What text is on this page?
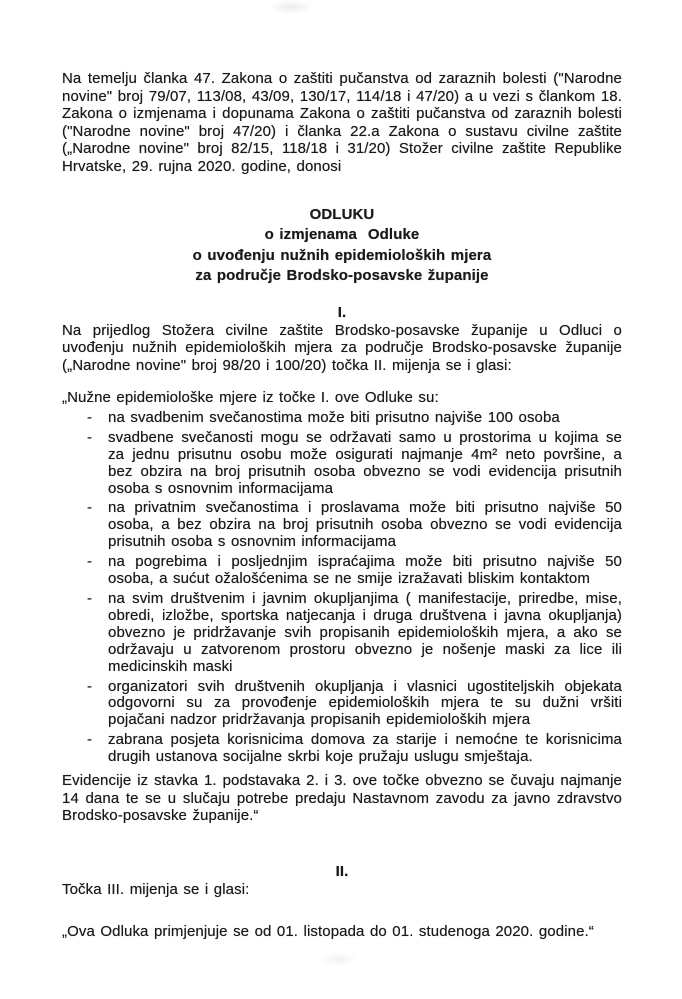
Na temelju članka 47. Zakona o zaštiti pučanstva od zaraznih bolesti ("Narodne novine" broj 79/07, 113/08, 43/09, 130/17, 114/18 i 47/20) a u vezi s člankom 18. Zakona o izmjenama i dopunama Zakona o zaštiti pučanstva od zaraznih bolesti ("Narodne novine" broj 47/20) i članka 22.a Zakona o sustavu civilne zaštite („Narodne novine" broj 82/15, 118/18 i 31/20) Stožer civilne zaštite Republike Hrvatske, 29. rujna 2020. godine, donosi

ODLUKU
o izmjenama  Odluke
o uvođenju nužnih epidemioloških mjera
za područje Brodsko-posavske županije
I.

Na prijedlog Stožera civilne zaštite Brodsko-posavske županije u Odluci o uvođenju nužnih epidemioloških mjera za područje Brodsko-posavske županije („Narodne novine" broj 98/20 i 100/20) točka II. mijenja se i glasi:

„Nužne epidemiološke mjere iz točke I. ove Odluke su:

- na svadbenim svečanostima može biti prisutno najviše 100 osoba
- svadbene svečanosti mogu se održavati samo u prostorima u kojima se za jednu prisutnu osobu može osigurati najmanje 4m² neto površine, a bez obzira na broj prisutnih osoba obvezno se vodi evidencija prisutnih osoba s osnovnim informacijama
- na privatnim svečanostima i proslavama može biti prisutno najviše 50 osoba, a bez obzira na broj prisutnih osoba obvezno se vodi evidencija prisutnih osoba s osnovnim informacijama
- na pogrebima i posljednjim ispraćajima može biti prisutno najviše 50 osoba, a sućut ožalošćenima se ne smije izražavati bliskim kontaktom
- na svim društvenim i javnim okupljanjima ( manifestacije, priredbe, mise, obredi, izložbe, sportska natjecanja i druga društvena i javna okupljanja) obvezno je pridržavanje svih propisanih epidemioloških mjera, a ako se održavaju u zatvorenom prostoru obvezno je nošenje maski za lice ili medicinskih maski
- organizatori svih društvenih okupljanja i vlasnici ugostiteljskih objekata odgovorni su za provođenje epidemioloških mjera te su dužni vršiti pojačani nadzor pridržavanja propisanih epidemioloških mjera
- zabrana posjeta korisnicima domova za starije i nemoćne te korisnicima drugih ustanova socijalne skrbi koje pružaju uslugu smještaja.

Evidencije iz stavka 1. podstavaka 2. i 3. ove točke obvezno se čuvaju najmanje 14 dana te se u slučaju potrebe predaju Nastavnom zavodu za javno zdravstvo Brodsko-posavske županije.“

II.

Točka III. mijenja se i glasi:

„Ova Odluka primjenjuje se od 01. listopada do 01. studenoga 2020. godine.“
